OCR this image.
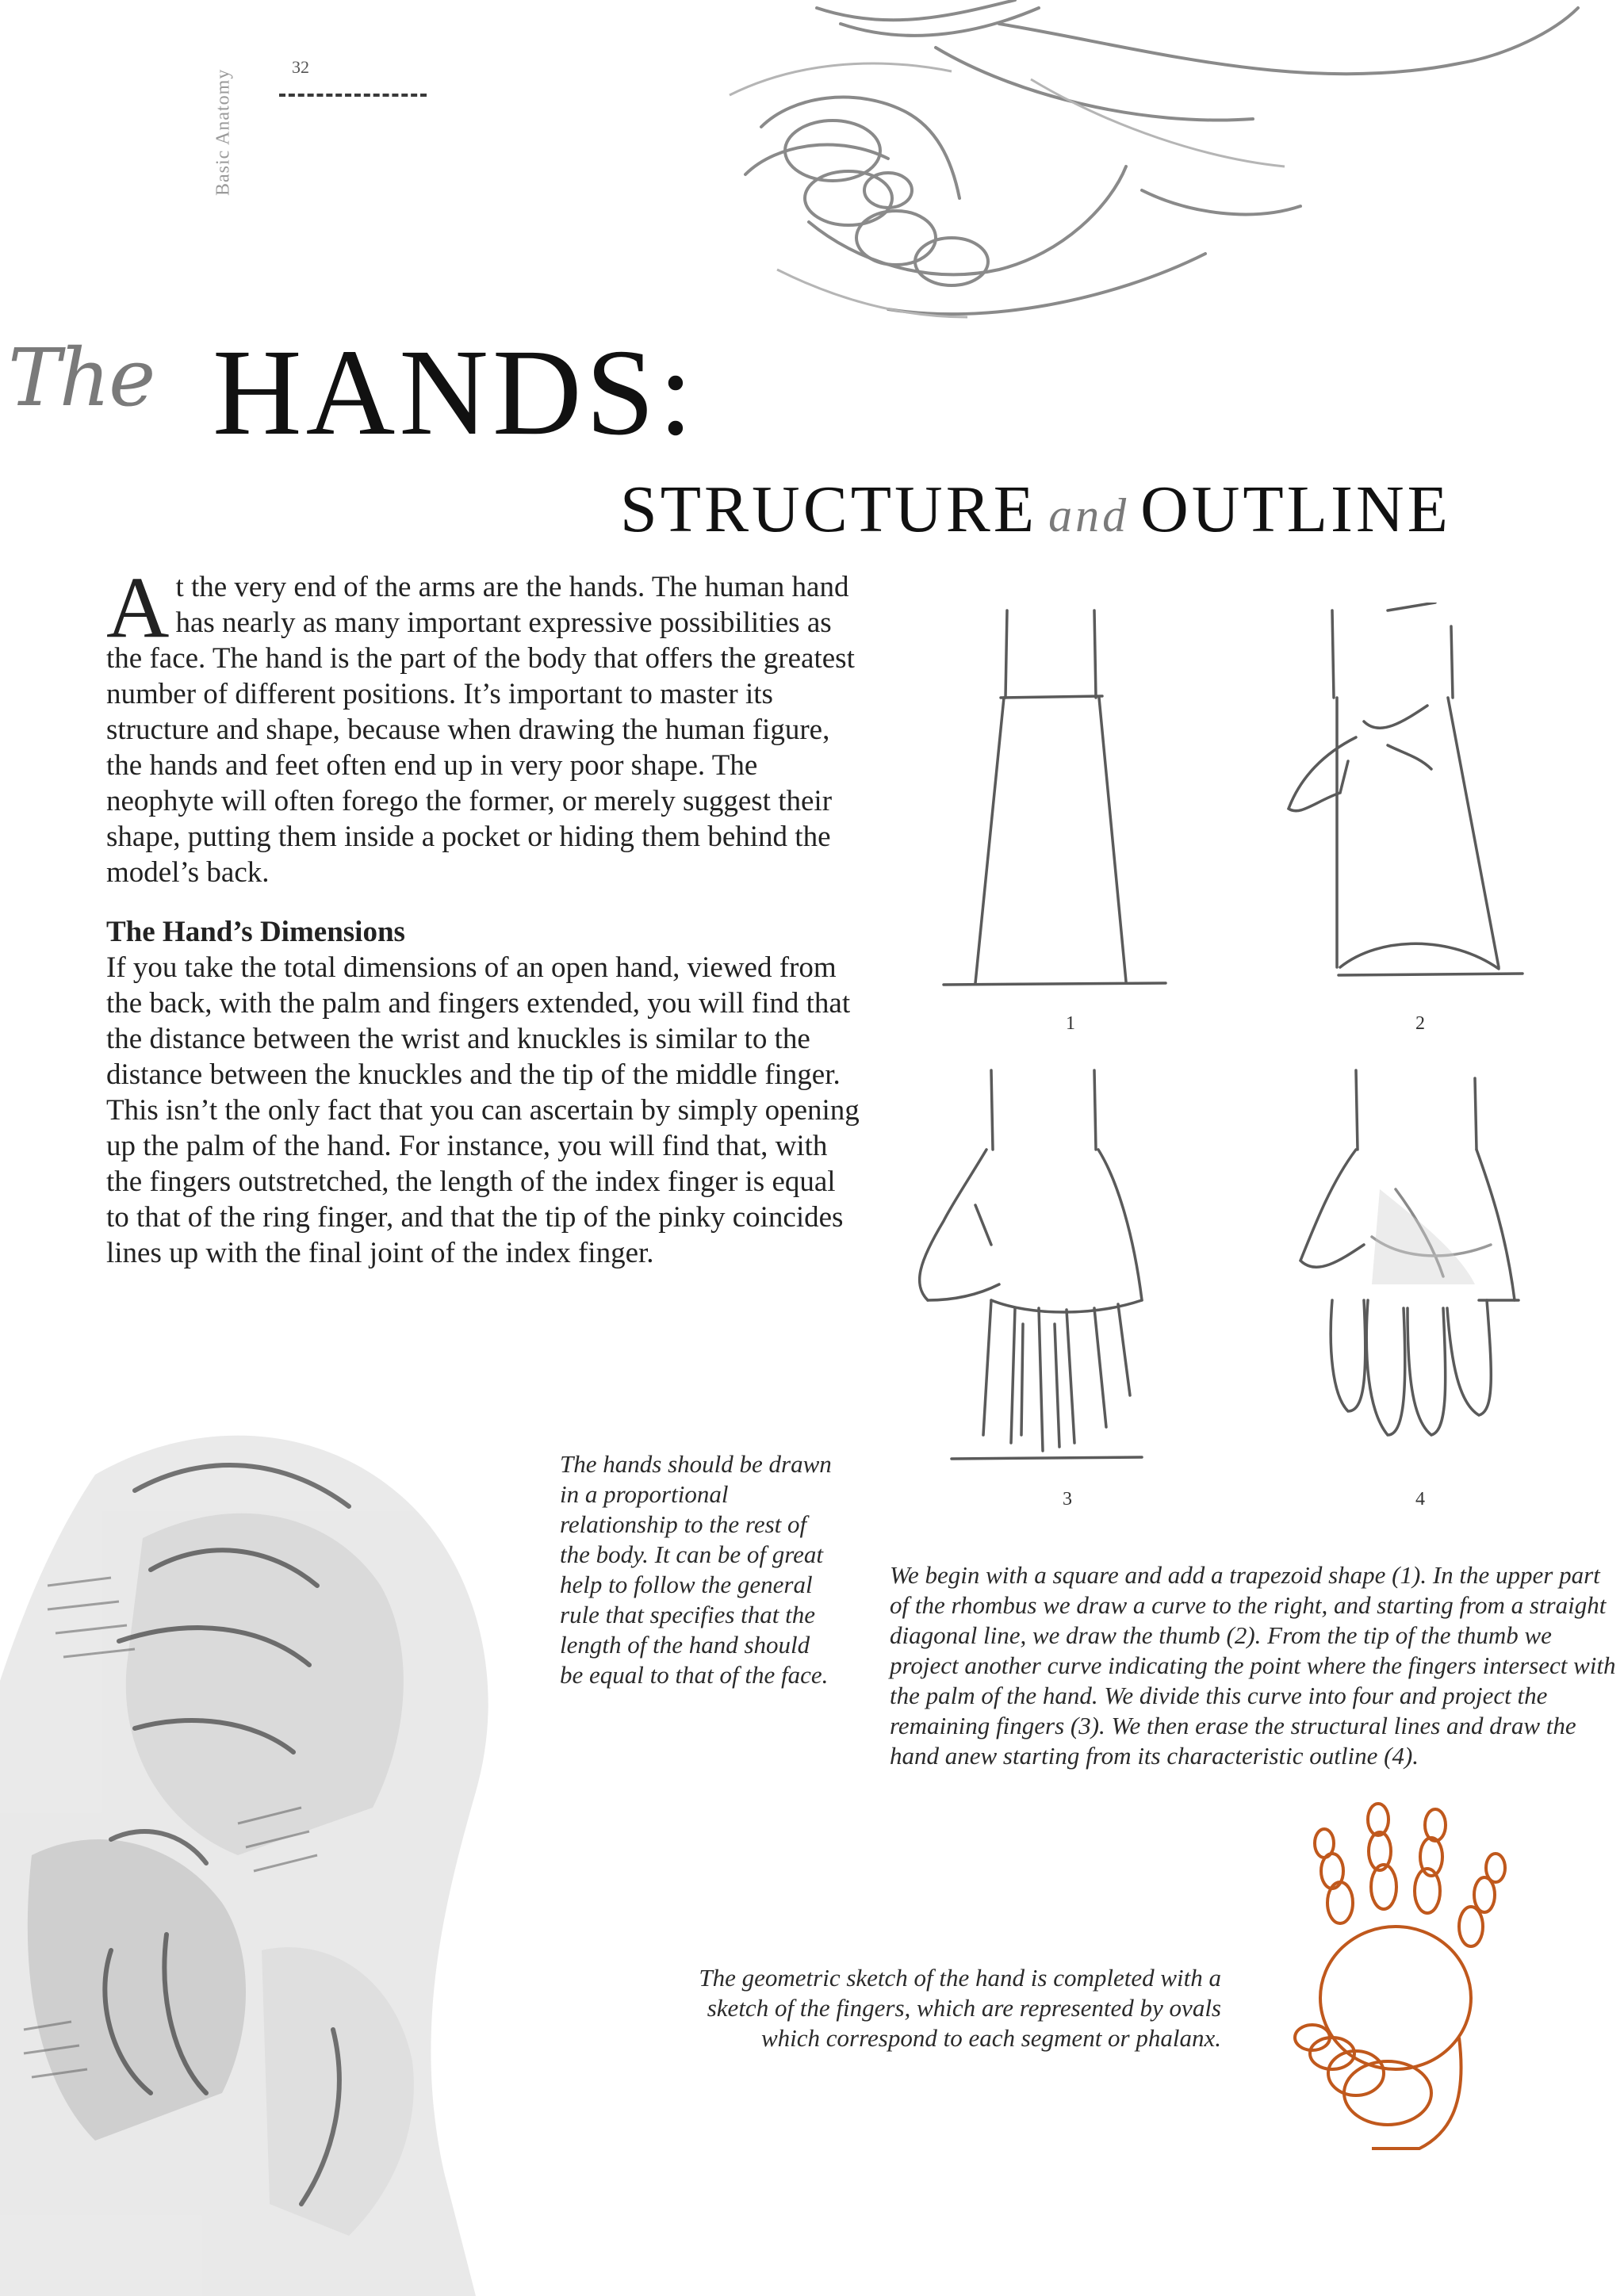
Basic Anatomy
32
The HANDS:
STRUCTURE and OUTLINE

At the very end of the arms are the hands. The human hand has nearly as many important expressive possibilities as the face. The hand is the part of the body that offers the greatest number of different positions. It’s important to master its structure and shape, because when drawing the human figure, the hands and feet often end up in very poor shape. The neophyte will often forego the former, or merely suggest their shape, putting them inside a pocket or hiding them behind the model’s back.

The Hand’s Dimensions

If you take the total dimensions of an open hand, viewed from the back, with the palm and fingers extended, you will find that the distance between the wrist and knuckles is similar to the distance between the knuckles and the tip of the middle finger. This isn’t the only fact that you can ascertain by simply opening up the palm of the hand. For instance, you will find that, with the fingers outstretched, the length of the index finger is equal to that of the ring finger, and that the tip of the pinky coincides lines up with the final joint of the index finger.

1	2
3	4
The hands should be drawn in a proportional relationship to the rest of the body. It can be of great help to follow the general rule that specifies that the length of the hand should be equal to that of the face.
We begin with a square and add a trapezoid shape (1). In the upper part of the rhombus we draw a curve to the right, and starting from a straight diagonal line, we draw the thumb (2). From the tip of the thumb we project another curve indicating the point where the fingers intersect with the palm of the hand. We divide this curve into four and project the remaining fingers (3). We then erase the structural lines and draw the hand anew starting from its characteristic outline (4).
The geometric sketch of the hand is completed with a sketch of the fingers, which are represented by ovals which correspond to each segment or phalanx.
